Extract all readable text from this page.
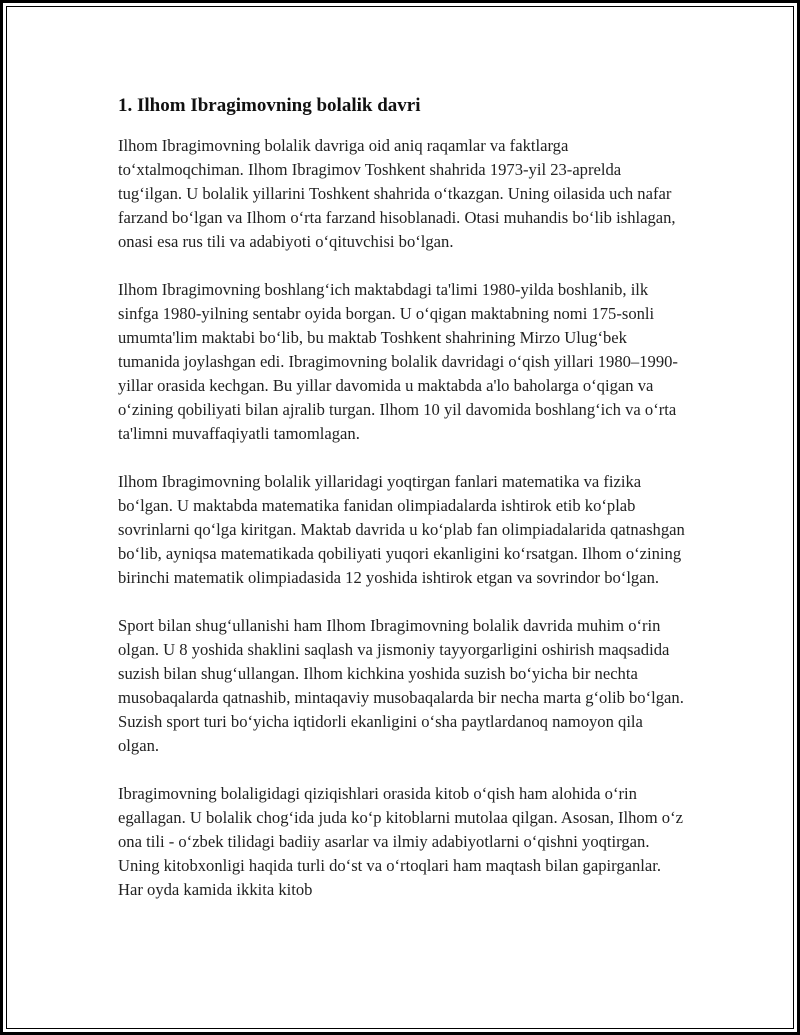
1. Ilhom Ibragimovning bolalik davri

Ilhom Ibragimovning bolalik davriga oid aniq raqamlar va faktlarga to‘xtalmoqchiman. Ilhom Ibragimov Toshkent shahrida 1973-yil 23-aprelda tug‘ilgan. U bolalik yillarini Toshkent shahrida o‘tkazgan. Uning oilasida uch nafar farzand bo‘lgan va Ilhom o‘rta farzand hisoblanadi. Otasi muhandis bo‘lib ishlagan, onasi esa rus tili va adabiyoti o‘qituvchisi bo‘lgan.

Ilhom Ibragimovning boshlang‘ich maktabdagi ta'limi 1980-yilda boshlanib, ilk sinfga 1980-yilning sentabr oyida borgan. U o‘qigan maktabning nomi 175-sonli umumta'lim maktabi bo‘lib, bu maktab Toshkent shahrining Mirzo Ulug‘bek tumanida joylashgan edi. Ibragimovning bolalik davridagi o‘qish yillari 1980–1990-yillar orasida kechgan. Bu yillar davomida u maktabda a'lo baholarga o‘qigan va o‘zining qobiliyati bilan ajralib turgan. Ilhom 10 yil davomida boshlang‘ich va o‘rta ta'limni muvaffaqiyatli tamomlagan.

Ilhom Ibragimovning bolalik yillaridagi yoqtirgan fanlari matematika va fizika bo‘lgan. U maktabda matematika fanidan olimpiadalarda ishtirok etib ko‘plab sovrinlarni qo‘lga kiritgan. Maktab davrida u ko‘plab fan olimpiadalarida qatnashgan bo‘lib, ayniqsa matematikada qobiliyati yuqori ekanligini ko‘rsatgan. Ilhom o‘zining birinchi matematik olimpiadasida 12 yoshida ishtirok etgan va sovrindor bo‘lgan.

Sport bilan shug‘ullanishi ham Ilhom Ibragimovning bolalik davrida muhim o‘rin olgan. U 8 yoshida shaklini saqlash va jismoniy tayyorgarligini oshirish maqsadida suzish bilan shug‘ullangan. Ilhom kichkina yoshida suzish bo‘yicha bir nechta musobaqalarda qatnashib, mintaqaviy musobaqalarda bir necha marta g‘olib bo‘lgan. Suzish sport turi bo‘yicha iqtidorli ekanligini o‘sha paytlardanoq namoyon qila olgan.

Ibragimovning bolaligidagi qiziqishlari orasida kitob o‘qish ham alohida o‘rin egallagan. U bolalik chog‘ida juda ko‘p kitoblarni mutolaa qilgan. Asosan, Ilhom o‘z ona tili - o‘zbek tilidagi badiiy asarlar va ilmiy adabiyotlarni o‘qishni yoqtirgan. Uning kitobxonligi haqida turli do‘st va o‘rtoqlari ham maqtash bilan gapirganlar. Har oyda kamida ikkita kitob
